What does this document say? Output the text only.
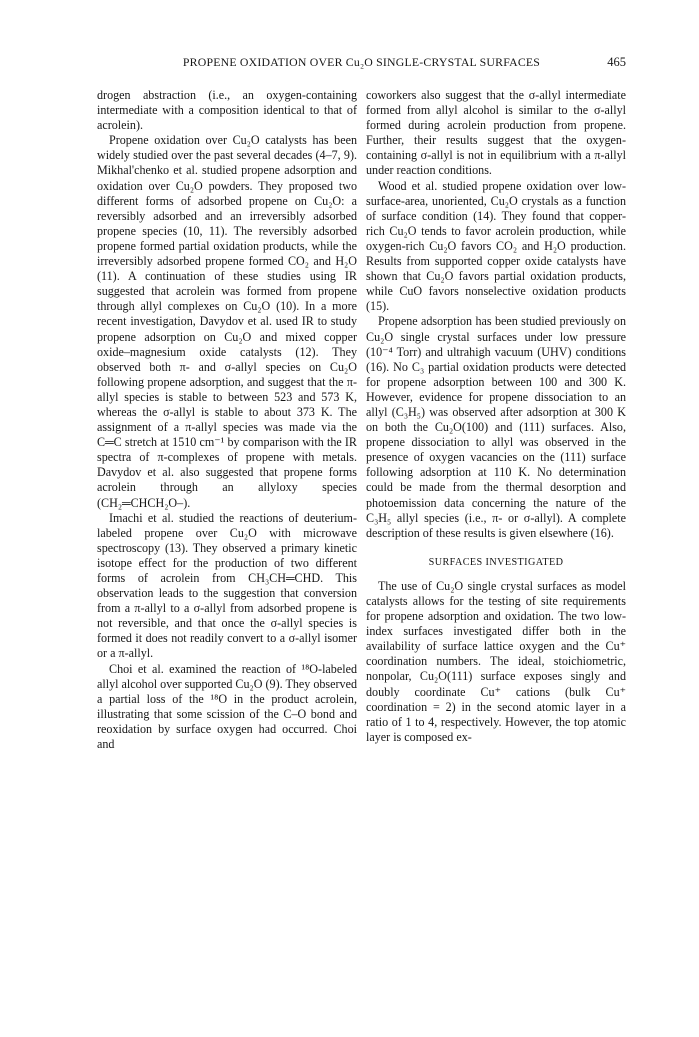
PROPENE OXIDATION OVER Cu₂O SINGLE-CRYSTAL SURFACES	465

drogen abstraction (i.e., an oxygen-containing intermediate with a composition identical to that of acrolein).

Propene oxidation over Cu₂O catalysts has been widely studied over the past several decades (4–7, 9). Mikhal'chenko et al. studied propene adsorption and oxidation over Cu₂O powders. They proposed two different forms of adsorbed propene on Cu₂O: a reversibly adsorbed and an irreversibly adsorbed propene species (10, 11). The reversibly adsorbed propene formed partial oxidation products, while the irreversibly adsorbed propene formed CO₂ and H₂O (11). A continuation of these studies using IR suggested that acrolein was formed from propene through allyl complexes on Cu₂O (10). In a more recent investigation, Davydov et al. used IR to study propene adsorption on Cu₂O and mixed copper oxide–magnesium oxide catalysts (12). They observed both π- and σ-allyl species on Cu₂O following propene adsorption, and suggest that the π-allyl species is stable to between 523 and 573 K, whereas the σ-allyl is stable to about 373 K. The assignment of a π-allyl species was made via the C═C stretch at 1510 cm⁻¹ by comparison with the IR spectra of π-complexes of propene with metals. Davydov et al. also suggested that propene forms acrolein through an allyloxy species (CH₂═CHCH₂O–).

Imachi et al. studied the reactions of deuterium-labeled propene over Cu₂O with microwave spectroscopy (13). They observed a primary kinetic isotope effect for the production of two different forms of acrolein from CH₃CH═CHD. This observation leads to the suggestion that conversion from a π-allyl to a σ-allyl from adsorbed propene is not reversible, and that once the σ-allyl species is formed it does not readily convert to a σ-allyl isomer or a π-allyl.

Choi et al. examined the reaction of ¹⁸O-labeled allyl alcohol over supported Cu₂O (9). They observed a partial loss of the ¹⁸O in the product acrolein, illustrating that some scission of the C–O bond and reoxidation by surface oxygen had occurred. Choi and

coworkers also suggest that the σ-allyl intermediate formed from allyl alcohol is similar to the σ-allyl formed during acrolein production from propene. Further, their results suggest that the oxygen-containing σ-allyl is not in equilibrium with a π-allyl under reaction conditions.

Wood et al. studied propene oxidation over low-surface-area, unoriented, Cu₂O crystals as a function of surface condition (14). They found that copper-rich Cu₂O tends to favor acrolein production, while oxygen-rich Cu₂O favors CO₂ and H₂O production. Results from supported copper oxide catalysts have shown that Cu₂O favors partial oxidation products, while CuO favors nonselective oxidation products (15).

Propene adsorption has been studied previously on Cu₂O single crystal surfaces under low pressure (10⁻⁴ Torr) and ultrahigh vacuum (UHV) conditions (16). No C₃ partial oxidation products were detected for propene adsorption between 100 and 300 K. However, evidence for propene dissociation to an allyl (C₃H₅) was observed after adsorption at 300 K on both the Cu₂O(100) and (111) surfaces. Also, propene dissociation to allyl was observed in the presence of oxygen vacancies on the (111) surface following adsorption at 110 K. No determination could be made from the thermal desorption and photoemission data concerning the nature of the C₃H₅ allyl species (i.e., π- or σ-allyl). A complete description of these results is given elsewhere (16).

SURFACES INVESTIGATED

The use of Cu₂O single crystal surfaces as model catalysts allows for the testing of site requirements for propene adsorption and oxidation. The two low-index surfaces investigated differ both in the availability of surface lattice oxygen and the Cu⁺ coordination numbers. The ideal, stoichiometric, nonpolar, Cu₂O(111) surface exposes singly and doubly coordinate Cu⁺ cations (bulk Cu⁺ coordination = 2) in the second atomic layer in a ratio of 1 to 4, respectively. However, the top atomic layer is composed ex-
